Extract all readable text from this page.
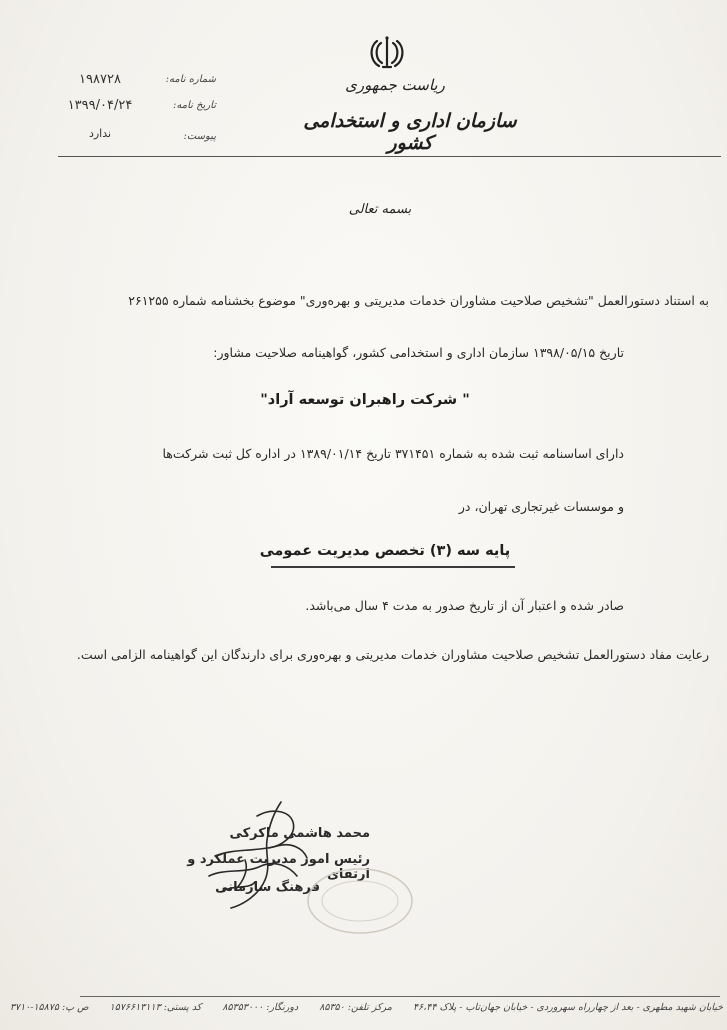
ریاست جمهوری
سازمان اداری و استخدامی کشور
شماره نامه:
۱۹۸۷۲۸
تاریخ نامه:
۱۳۹۹/۰۴/۲۴
پیوست:
ندارد
بسمه تعالی
به استناد دستورالعمل "تشخیص صلاحیت مشاوران خدمات مدیریتی و بهره‌وری" موضوع بخشنامه شماره ۲۶۱۲۵۵
تاریخ ۱۳۹۸/۰۵/۱۵ سازمان اداری و استخدامی کشور، گواهینامه صلاحیت مشاور:
" شرکت راهبران توسعه آراد"
دارای اساسنامه ثبت شده به شماره ۳۷۱۴۵۱ تاریخ ۱۳۸۹/۰۱/۱۴ در اداره کل ثبت شرکت‌ها
و موسسات غیرتجاری تهران، در
پایه سه (۳) تخصص مدیریت عمومی
صادر شده و اعتبار آن از تاریخ صدور به مدت ۴ سال می‌باشد.
رعایت مفاد دستورالعمل تشخیص صلاحیت مشاوران خدمات مدیریتی و بهره‌وری برای دارندگان این گواهینامه الزامی است.
محمد هاشمی ماکرکی
رئیس امور مدیریت عملکرد و ارتقای
فرهنگ سازمانی
خیابان شهید مطهری - بعد از چهارراه سهروردی - خیابان جهان‌تاب - پلاک ۴۶،۴۴ مرکز تلفن: ۸۵۳۵۰ دورنگار: ۸۵۳۵۳۰۰۰ کد پستی: ۱۵۷۶۶۱۳۱۱۳ ص پ: ۱۵۸۷۵-۳۷۱۰
